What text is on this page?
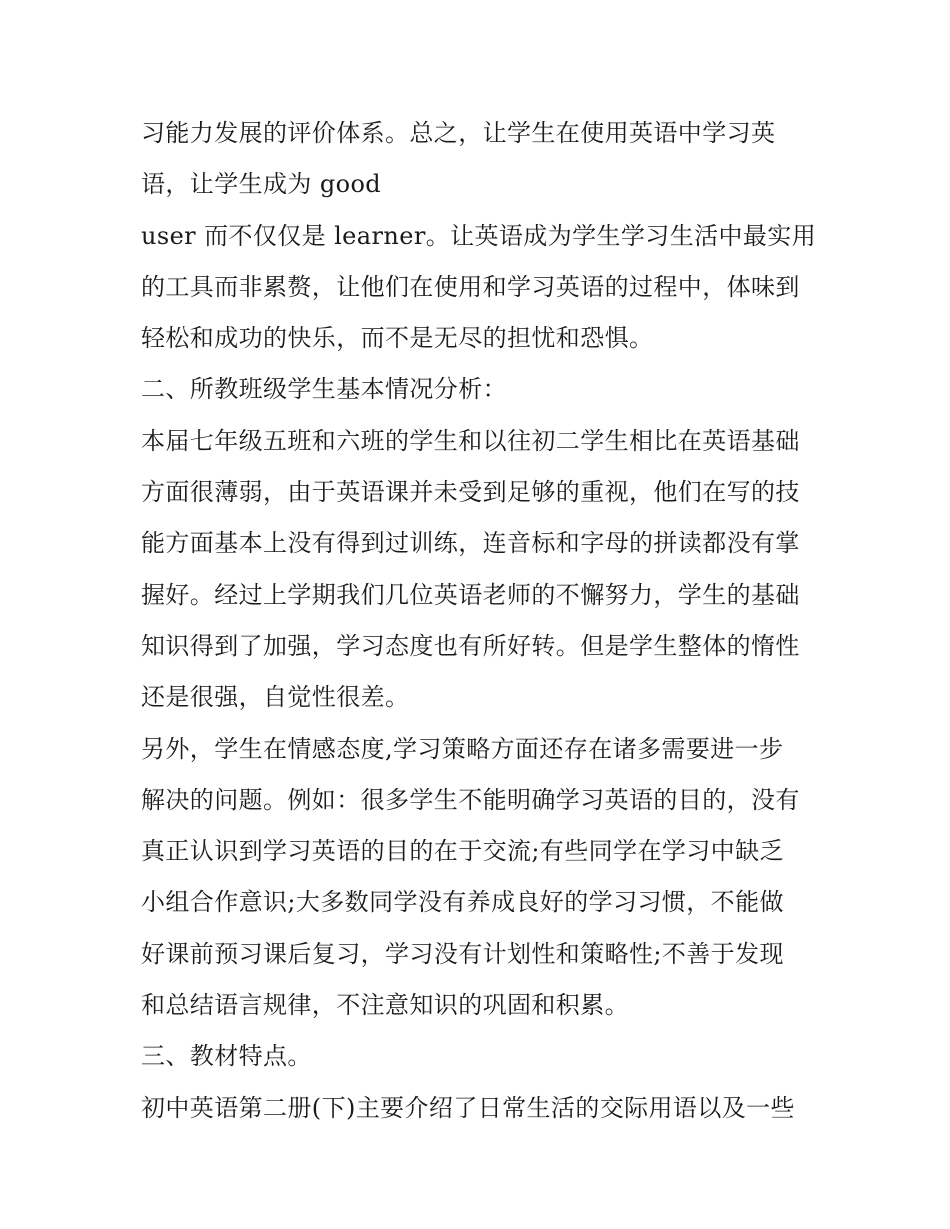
习能力发展的评价体系。总之，让学生在使用英语中学习英
语，让学生成为 good
user 而不仅仅是 learner。让英语成为学生学习生活中最实用
的工具而非累赘，让他们在使用和学习英语的过程中，体味到
轻松和成功的快乐，而不是无尽的担忧和恐惧。
二、所教班级学生基本情况分析：
本届七年级五班和六班的学生和以往初二学生相比在英语基础
方面很薄弱，由于英语课并未受到足够的重视，他们在写的技
能方面基本上没有得到过训练，连音标和字母的拼读都没有掌
握好。经过上学期我们几位英语老师的不懈努力，学生的基础
知识得到了加强，学习态度也有所好转。但是学生整体的惰性
还是很强，自觉性很差。
另外，学生在情感态度,学习策略方面还存在诸多需要进一步
解决的问题。例如：很多学生不能明确学习英语的目的，没有
真正认识到学习英语的目的在于交流;有些同学在学习中缺乏
小组合作意识;大多数同学没有养成良好的学习习惯，不能做
好课前预习课后复习，学习没有计划性和策略性;不善于发现
和总结语言规律，不注意知识的巩固和积累。
三、教材特点。
初中英语第二册(下)主要介绍了日常生活的交际用语以及一些
